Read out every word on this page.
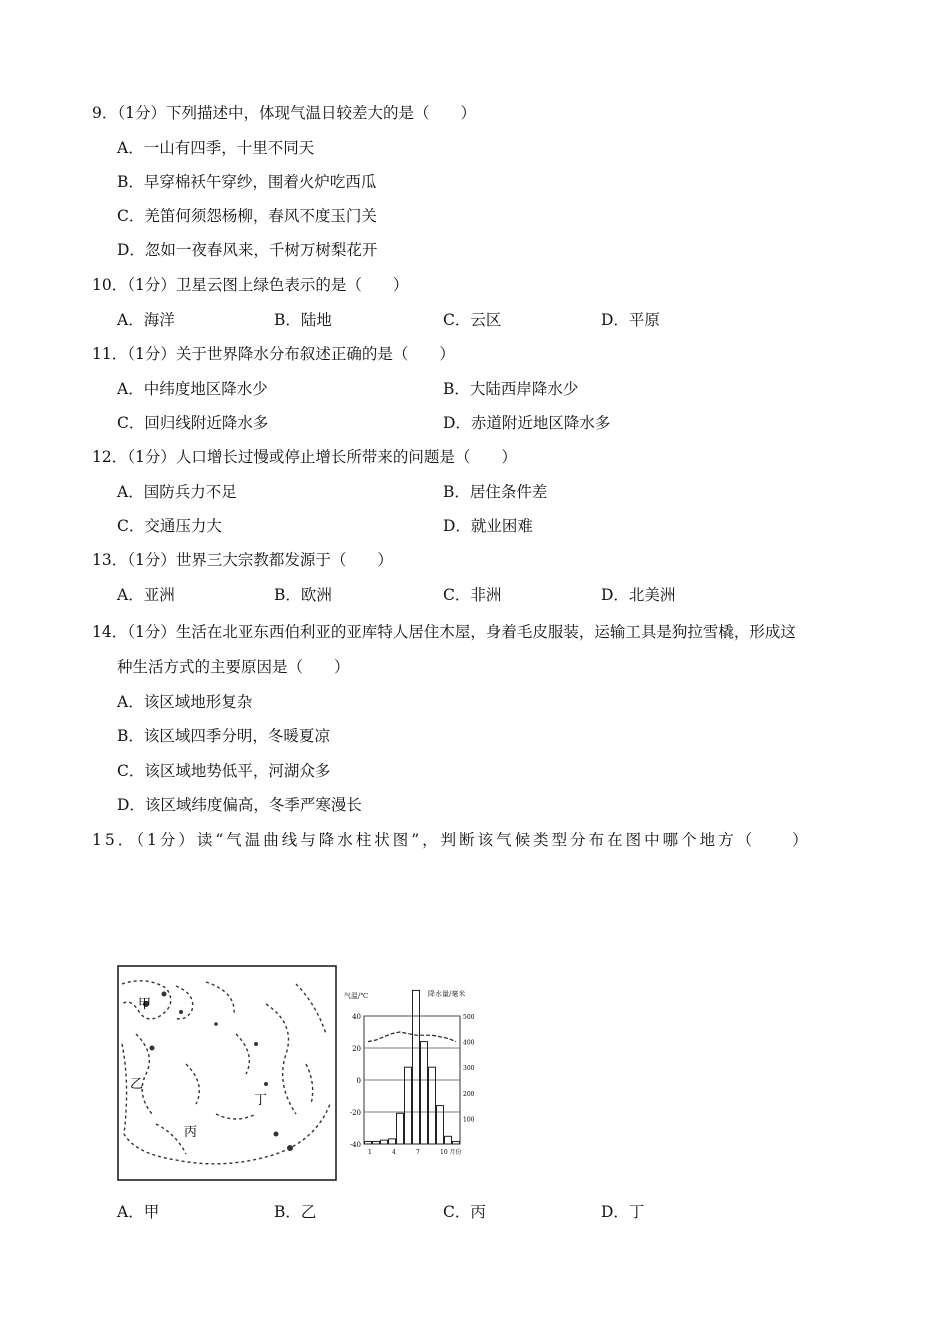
9．（1分）下列描述中，体现气温日较差大的是（　　）
A．一山有四季，十里不同天
B．早穿棉袄午穿纱，围着火炉吃西瓜
C．羌笛何须怨杨柳，春风不度玉门关
D．忽如一夜春风来，千树万树梨花开
10．（1分）卫星云图上绿色表示的是（　　）
A．海洋	B．陆地	C．云区	D．平原
11．（1分）关于世界降水分布叙述正确的是（　　）
A．中纬度地区降水少	B．大陆西岸降水少
C．回归线附近降水多	D．赤道附近地区降水多
12．（1分）人口增长过慢或停止增长所带来的问题是（　　）
A．国防兵力不足	B．居住条件差
C．交通压力大	D．就业困难
13．（1分）世界三大宗教都发源于（　　）
A．亚洲	B．欧洲	C．非洲	D．北美洲
14．（1分）生活在北亚东西伯利亚的亚库特人居住木屋，身着毛皮服装，运输工具是狗拉雪橇，形成这
种生活方式的主要原因是（　　）
A．该区域地形复杂
B．该区域四季分明，冬暖夏凉
C．该区域地势低平，河湖众多
D．该区域纬度偏高，冬季严寒漫长
15．（1分）读“气温曲线与降水柱状图”，判断该气候类型分布在图中哪个地方（　　）
甲
乙
丙
丁
气温/℃	降水量/毫米
40
20
0
-20
-40
500
400
300
200
100
1	4	7	10 月份
A．甲	B．乙	C．丙	D．丁
